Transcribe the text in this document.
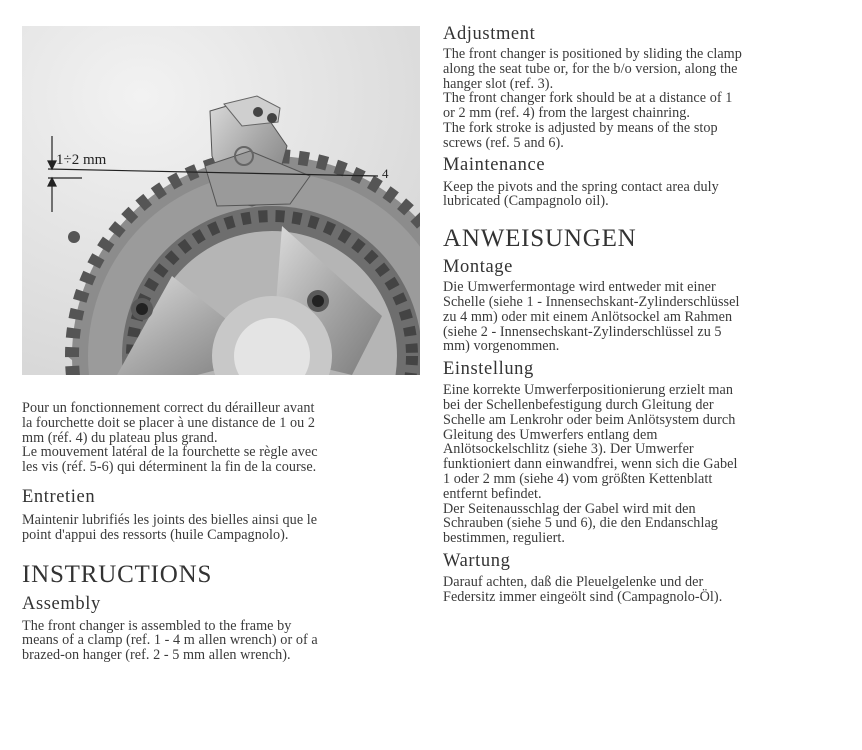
1÷2 mm
4

Pour un fonctionnement correct du dérailleur avant
la fourchette doit se placer à une distance de 1 ou 2
mm (réf. 4) du plateau plus grand.
Le mouvement latéral de la fourchette se règle avec
les vis (réf. 5-6) qui déterminent la fin de la course.

Entretien

Maintenir lubrifiés les joints des bielles ainsi que le
point d'appui des ressorts (huile Campagnolo).

INSTRUCTIONS

Assembly

The front changer is assembled to the frame by
means of a clamp (ref. 1 - 4 m allen wrench) or of a
brazed-on hanger (ref. 2 - 5 mm allen wrench).

Adjustment

The front changer is positioned by sliding the clamp
along the seat tube or, for the b/o version, along the
hanger slot (ref. 3).
The front changer fork should be at a distance of 1
or 2 mm (ref. 4) from the largest chainring.
The fork stroke is adjusted by means of the stop
screws (ref. 5 and 6).

Maintenance

Keep the pivots and the spring contact area duly
lubricated (Campagnolo oil).

ANWEISUNGEN

Montage

Die Umwerfermontage wird entweder mit einer
Schelle (siehe 1 - Innensechskant-Zylinderschlüssel
zu 4 mm) oder mit einem Anlötsockel am Rahmen
(siehe 2 - Innensechskant-Zylinderschlüssel zu 5
mm) vorgenommen.

Einstellung

Eine korrekte Umwerferpositionierung erzielt man
bei der Schellenbefestigung durch Gleitung der
Schelle am Lenkrohr oder beim Anlötsystem durch
Gleitung des Umwerfers entlang dem
Anlötsockelschlitz (siehe 3). Der Umwerfer
funktioniert dann einwandfrei, wenn sich die Gabel
1 oder 2 mm (siehe 4) vom größten Kettenblatt
entfernt befindet.
Der Seitenausschlag der Gabel wird mit den
Schrauben (siehe 5 und 6), die den Endanschlag
bestimmen, reguliert.

Wartung

Darauf achten, daß die Pleuelgelenke und der
Federsitz immer eingeölt sind (Campagnolo-Öl).
